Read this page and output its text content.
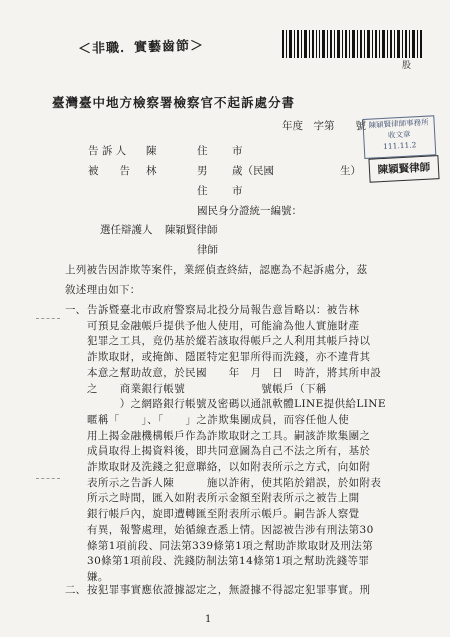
＜非職．實藝齒節＞
股
臺灣臺中地方檢察署檢察官不起訴處分書
年度　字第　　號
告 訴 人 陳	住 市
被　　告 林	男 歲（民國	生）
住 市
國民身分證統一編號：
陳穎賢律師事務所
收文章
111.11.2
陳穎賢律師
選任辯護人 陳穎賢律師
律師
上列被告因詐欺等案件，業經偵查終結，認應為不起訴處分，茲
敘述理由如下：
一、 告訴暨臺北市政府警察局北投分局報告意旨略以：被告林
可預見金融帳戶提供予他人使用，可能淪為他人實施財產
犯罪之工具，竟仍基於縱若該取得帳戶之人利用其帳戶持以
詐欺取財，或掩飾、隱匿特定犯罪所得而洗錢，亦不違背其
本意之幫助故意，於民國　　年　月　日　時許，將其所申設
之　　商業銀行帳號　　　　　　　號帳戶（下稱
　　　）之網路銀行帳號及密碼以通訊軟體LINE提供給LINE
暱稱「　　」、「　　」之詐欺集團成員，而容任他人使
用上揭金融機構帳戶作為詐欺取財之工具。嗣該詐欺集團之
成員取得上揭資料後，即共同意圖為自己不法之所有，基於
詐欺取財及洗錢之犯意聯絡，以如附表所示之方式，向如附
表所示之告訴人陳　　　施以詐術，使其陷於錯誤，於如附表
所示之時間，匯入如附表所示金額至附表所示之被告上開
銀行帳戶內，旋即遭轉匯至附表所示帳戶。嗣告訴人察覺
有異，報警處理，始循線查悉上情。因認被告涉有刑法第30
條第1項前段、同法第339條第1項之幫助詐欺取財及刑法第
30條第1項前段、洗錢防制法第14條第1項之幫助洗錢等罪
嫌。
二、 按犯罪事實應依證據認定之，無證據不得認定犯罪事實。刑
1
